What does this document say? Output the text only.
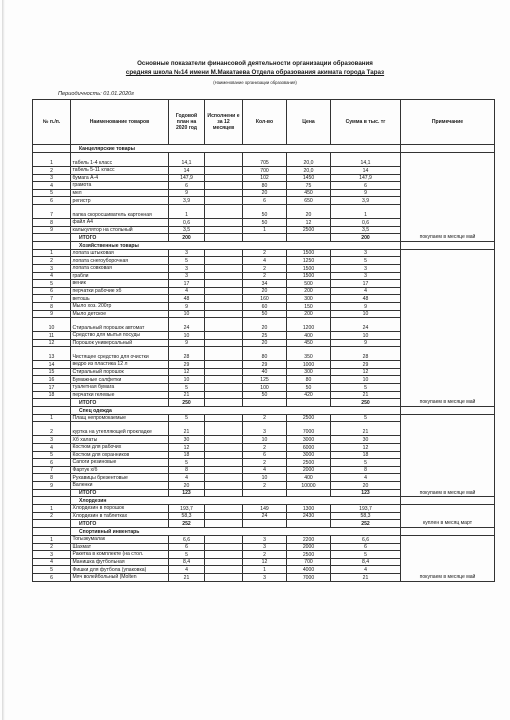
Основные показатели финансовой деятельности организации образования
средняя школа №14 имени М.Макатаева Отдела образования акимата города Тараз
(Наименование организации образования)
Периодичность: 01.01.2020г
№ п./п.	Наименование товаров	Годовой план на 2020 год	Исполнени е за 12 месяцев	Кол-во	Цена	Сумма в тыс. тг	Примечание
	Канцелярские товары						
1	табель 1-4 класс	14,1		705	20,0	14,1	покупаем в месяце май
2	табель 5-11 класс	14		700	20,0	14	
3	бумага А-4	147,9		102	1450	147,9	
4	грамота	6		80	75	6	
5	мел	9		20	450	9	
6	регистр	3,9		6	650	3,9	
7	папка скоросшиватель картонная	1		50	20	1	
8	файл А4	0,6		50	12	0,6	
9	калькулятор на стольный	3,5		1	2500	3,5	
	ИТОГО	200				200	
	Хозяйственные товары						
1	лопата штыковая	3		2	1500	3	покупаем в месяце май
2	лопата снегоуборочная	5		4	1250	5	
3	лопата совковая	3		2	1500	3	
4	грабли	3		2	1500	3	
5	веник	17		34	500	17	
6	перчатки рабочие хб	4		20	200	4	
7	ветошь	48		160	300	48	
8	Мыло хоз. 200гр	9		60	150	9	
9	Мыло детское	10		50	200	10	
10	Стиральный порошок автомат	24		20	1200	24	
11	Средство для мытья посуды	10		25	400	10	
12	Порошок универсальный	9		20	450	9	
13	Чистящее средство для очистки	28		80	350	28	
14	ведро из пластика 12 л	29		29	1000	29	
15	Стиральный порошок	12		40	300	12	
16	Бумажные салфетки	10		125	80	10	
17	туалетная бумага	5		100	50	5	
18	перчатки гелевые	21		50	420	21	
	ИТОГО	250				250	
	Спец одежда						
1	Плащ непромокаемые	5		2	2500	5	покупаем в месяце май
2	куртка на утепляющей прокладке	21		3	7000	21	
3	Хб халаты	30		10	3000	30	
4	Костюм для рабочих	12		2	6000	12	
5	Костюм для охранников	18		6	3000	18	
6	Сапоги резиновые	5		2	2500	5	
7	Фартук х/б	8		4	2000	8	
8	Рукавицы брезентовые	4		10	400	4	
9	Валенки	20		2	10000	20	
	ИТОГО	123				123	
	Хлордезин						
1	Хлордезин в порошок	193,7		149	1300	193,7	куплен в месяц март
2	Хлордезин в таблетках	58,3		24	2430	58,3	
	ИТОГО	252				252	
	Спортивный инвентарь						
1	Тогызкумалак	6,6		3	2200	6,6	покупаем в месяце май
2	Шахмат	6		3	2000	6	
3	Ракетка в комплекте (на стол.	5		2	2500	5	
4	Манишка футбольная	8,4		12	700	8,4	
5	Фишки для футбола (упаковка)	4		1	4000	4	
6	Мяч волейбольный (Molten	21		3	7000	21	
